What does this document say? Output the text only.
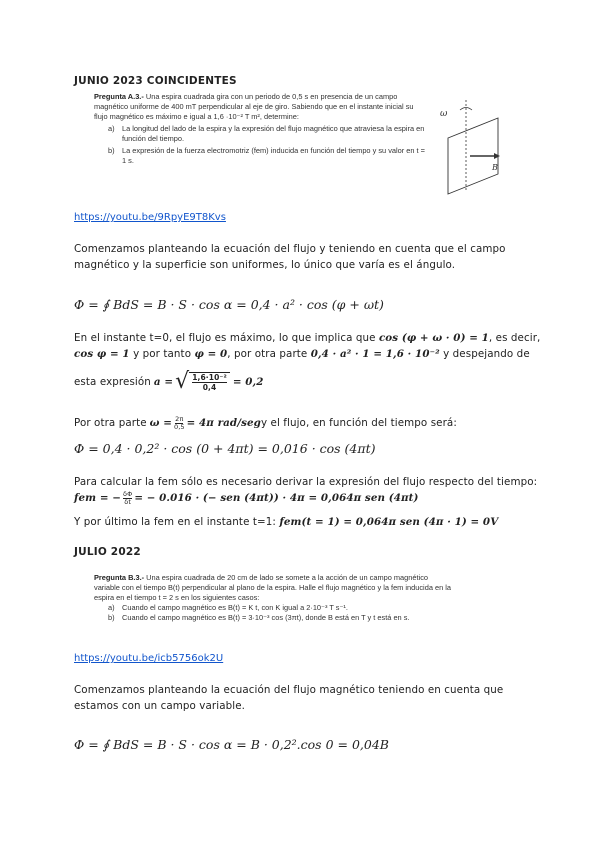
JUNIO 2023 COINCIDENTES
Pregunta A.3.- Una espira cuadrada gira con un periodo de 0,5 s en presencia de un campo magnético uniforme de 400 mT perpendicular al eje de giro. Sabiendo que en el instante inicial su flujo magnético es máximo e igual a 1,6 ·10⁻² T m², determine:
a)	La longitud del lado de la espira y la expresión del flujo magnético que atraviesa la espira en función del tiempo.
b)	La expresión de la fuerza electromotriz (fem) inducida en función del tiempo y su valor en t = 1 s.
ω
B
https://youtu.be/9RpyE9T8Kvs
Comenzamos planteando la ecuación del flujo y teniendo en cuenta que el campo magnético y la superficie son uniformes, lo único que varía es el ángulo.
Φ = ∮ BdS = B · S · cos α = 0,4 · a² · cos (φ + ωt)
En el instante t=0, el flujo es máximo, lo que implica que cos (φ + ω · 0) = 1, es decir,
cos φ = 1 y por tanto φ = 0, por otra parte 0,4 · a² · 1 = 1,6 · 10⁻² y despejando de
esta expresión a = √ $\frac{\text{1,6·10⁻²}}{0,4} = 0,2$
Por otra parte $\omega = \frac{2\pi}{0,5} = 4\pi$ rad/seg y el flujo, en función del tiempo será:
Φ = 0,4 · 0,2² · cos (0 + 4πt) = 0,016 · cos (4πt)
Para calcular la fem sólo es necesario derivar la expresión del flujo respecto del tiempo:
fem = − $\frac{\delta\Phi}{\delta t}$ = − 0.016 · (− sen (4πt)) · 4π = 0,064π sen (4πt)
Y por último la fem en el instante t=1: fem(t = 1) = 0,064π sen (4π · 1) = 0V
JULIO 2022
Pregunta B.3.- Una espira cuadrada de 20 cm de lado se somete a la acción de un campo magnético variable con el tiempo B(t) perpendicular al plano de la espira. Halle el flujo magnético y la fem inducida en la espira en el tiempo t = 2 s en los siguientes casos:
a)	Cuando el campo magnético es B(t) = K t, con K igual a 2·10⁻³ T s⁻¹.
b)	Cuando el campo magnético es B(t) = 3·10⁻³ cos (3πt), donde B está en T y t está en s.
https://youtu.be/icb5756ok2U
Comenzamos planteando la ecuación del flujo magnético teniendo en cuenta que estamos con un campo variable.
Φ = ∮ BdS = B · S · cos α = B · 0,2².cos 0 = 0,04B
